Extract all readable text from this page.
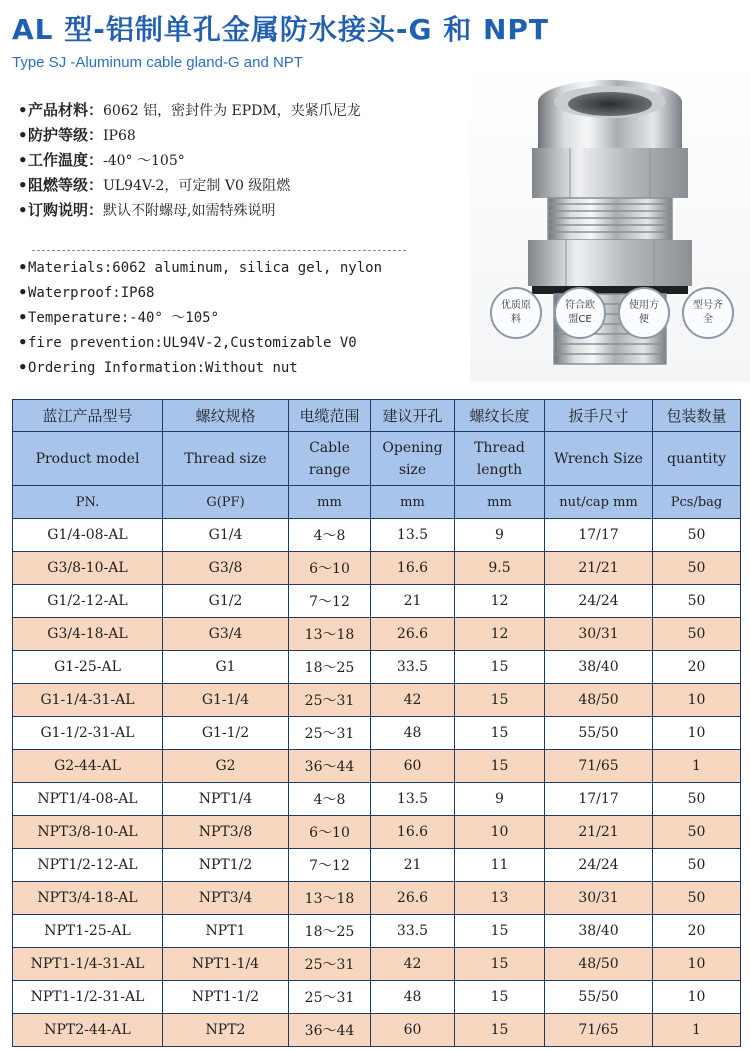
AL 型-铝制单孔金属防水接头-G 和 NPT
Type SJ -Aluminum cable gland-G and NPT
•产品材料：6062 铝，密封件为 EPDM，夹紧爪尼龙
•防护等级：IP68
•工作温度：-40° ～105°
•阻燃等级：UL94V-2，可定制 V0 级阻燃
•订购说明：默认不附螺母,如需特殊说明
•Materials:6062 aluminum, silica gel, nylon
•Waterproof:IP68
•Temperature:-40° ～105°
•fire prevention:UL94V-2,Customizable V0
•Ordering Information:Without nut
优质原料
符合欧盟CE
使用方便
型号齐全
蓝江产品型号	螺纹规格	电缆范围	建议开孔	螺纹长度	扳手尺寸	包装数量
Product model	Thread size	Cable range	Opening size	Thread length	Wrench Size	quantity
PN.	G(PF)	mm	mm	mm	nut/cap mm	Pcs/bag
G1/4-08-AL	G1/4	4～8	13.5	9	17/17	50
G3/8-10-AL	G3/8	6～10	16.6	9.5	21/21	50
G1/2-12-AL	G1/2	7～12	21	12	24/24	50
G3/4-18-AL	G3/4	13～18	26.6	12	30/31	50
G1-25-AL	G1	18～25	33.5	15	38/40	20
G1-1/4-31-AL	G1-1/4	25～31	42	15	48/50	10
G1-1/2-31-AL	G1-1/2	25～31	48	15	55/50	10
G2-44-AL	G2	36～44	60	15	71/65	1
NPT1/4-08-AL	NPT1/4	4～8	13.5	9	17/17	50
NPT3/8-10-AL	NPT3/8	6～10	16.6	10	21/21	50
NPT1/2-12-AL	NPT1/2	7～12	21	11	24/24	50
NPT3/4-18-AL	NPT3/4	13～18	26.6	13	30/31	50
NPT1-25-AL	NPT1	18～25	33.5	15	38/40	20
NPT1-1/4-31-AL	NPT1-1/4	25～31	42	15	48/50	10
NPT1-1/2-31-AL	NPT1-1/2	25～31	48	15	55/50	10
NPT2-44-AL	NPT2	36～44	60	15	71/65	1
